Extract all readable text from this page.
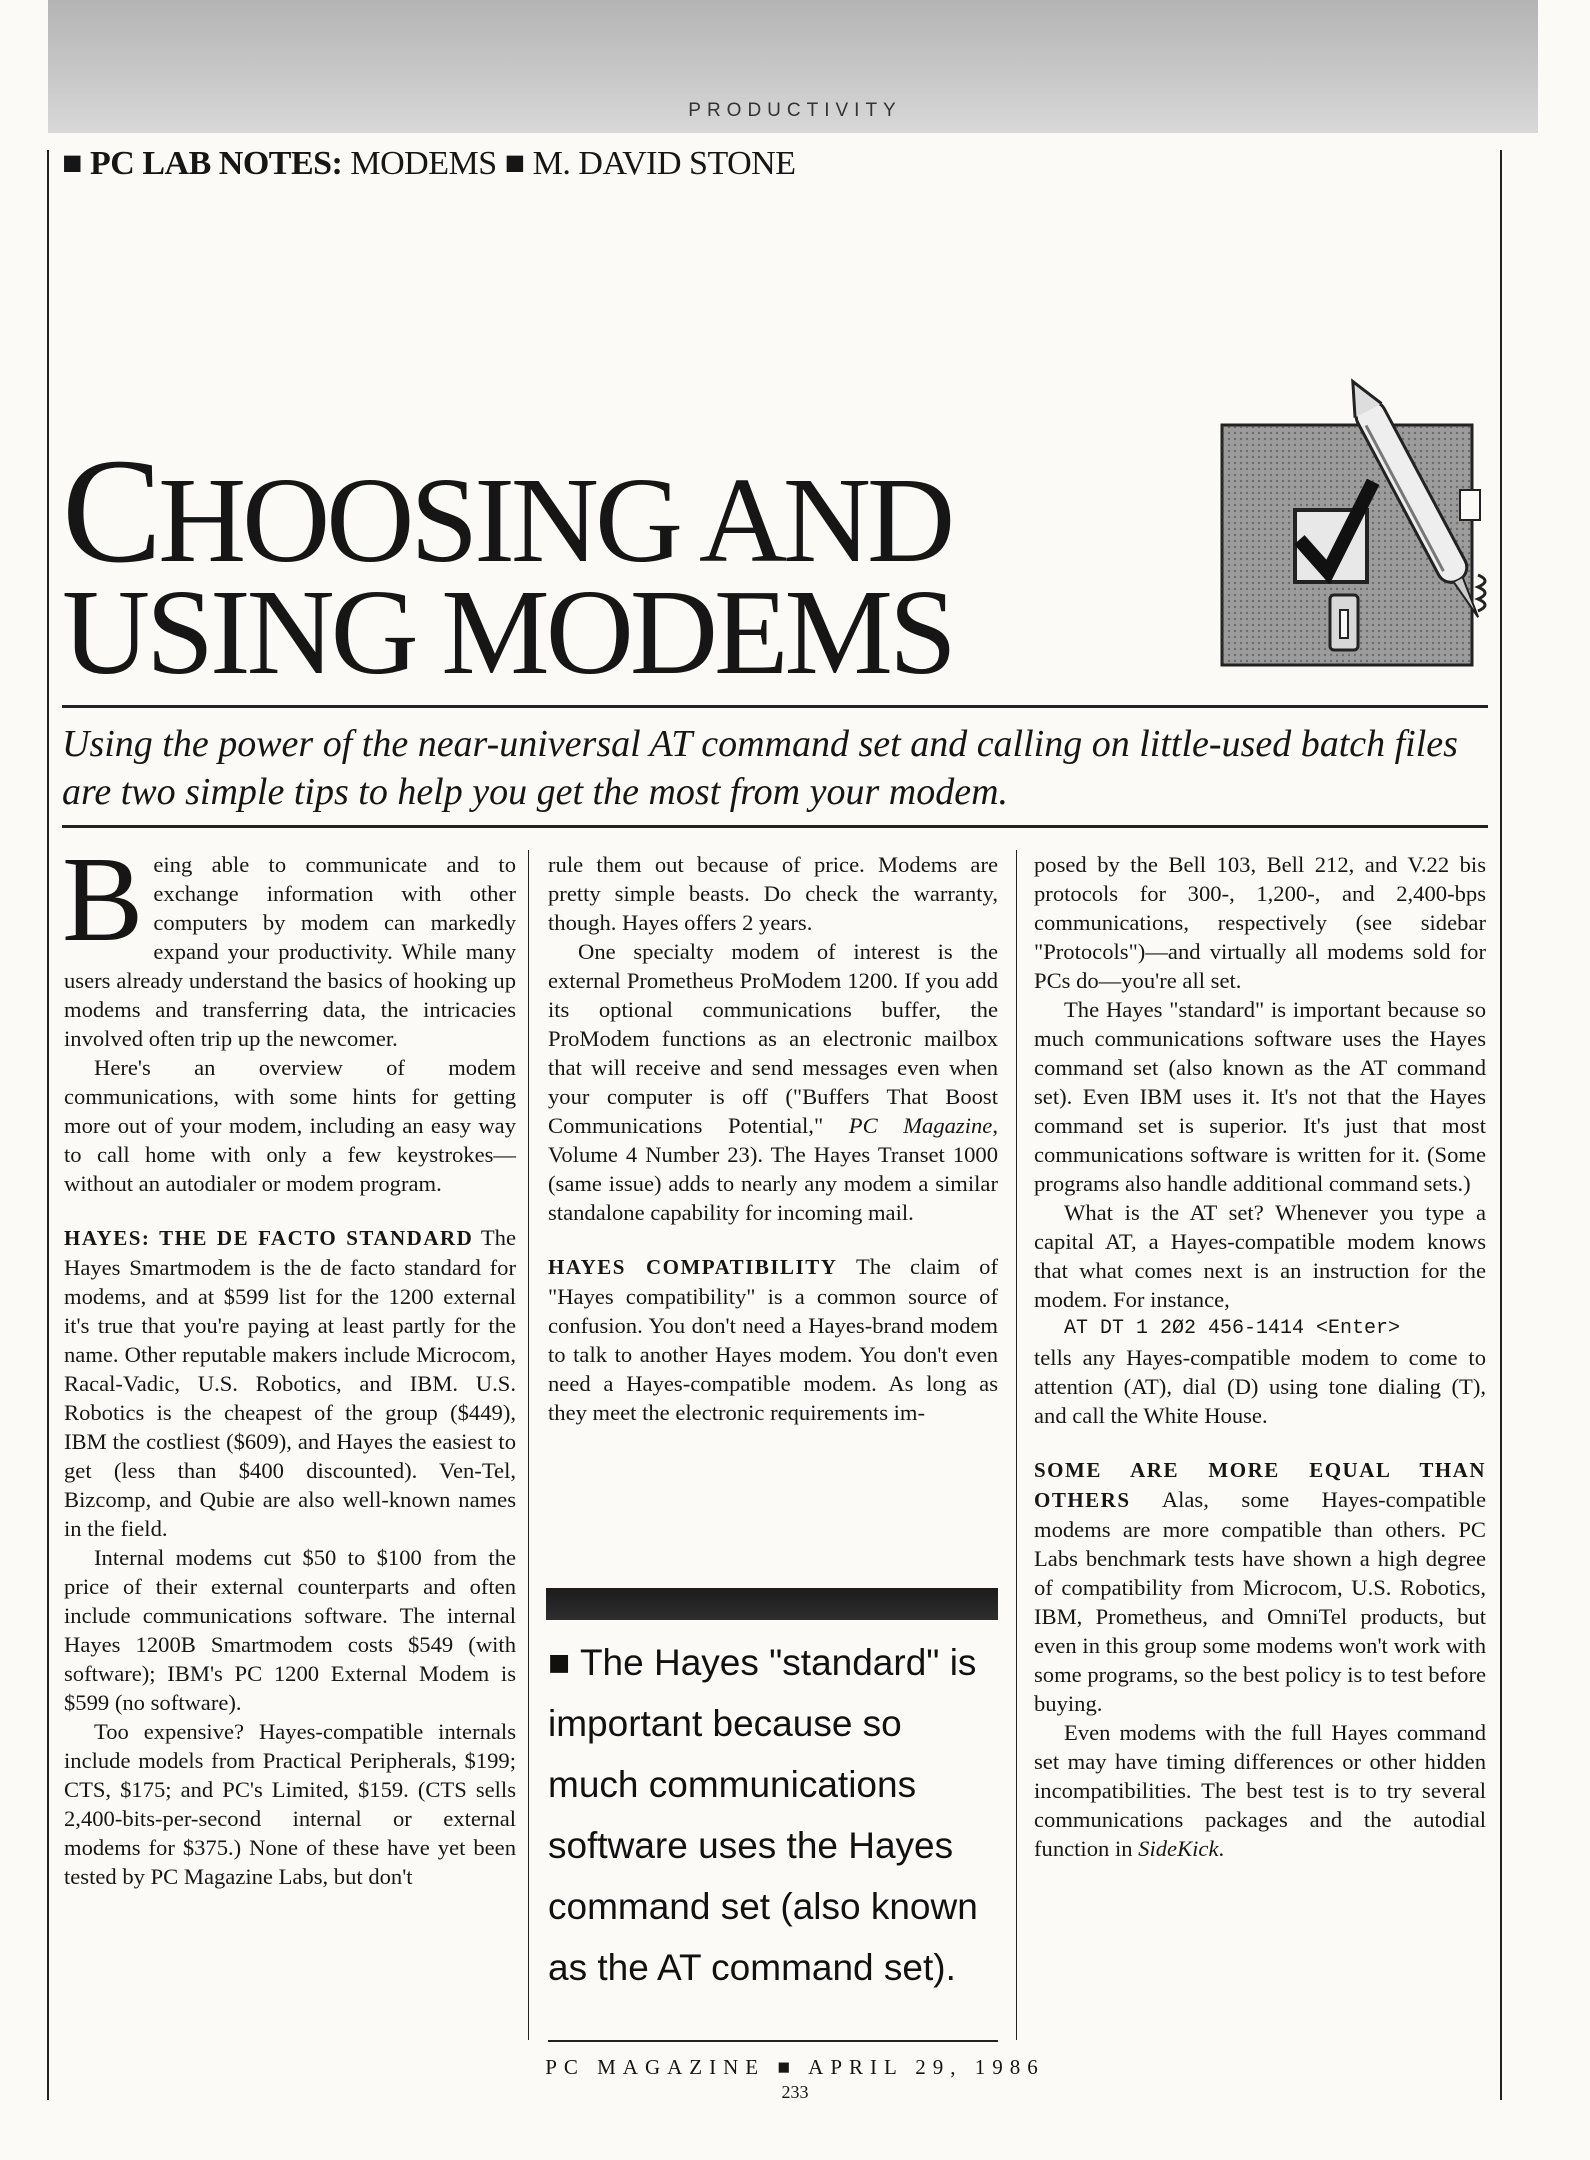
PRODUCTIVITY
■ PC LAB NOTES: MODEMS ■ M. DAVID STONE
CHOOSING AND
USING MODEMS
Using the power of the near-universal AT command set and calling on little-used batch files are two simple tips to help you get the most from your modem.

Being able to communicate and to exchange information with other computers by modem can markedly expand your productivity. While many users already understand the basics of hooking up modems and transferring data, the intricacies involved often trip up the newcomer.

Here's an overview of modem communications, with some hints for getting more out of your modem, including an easy way to call home with only a few keystrokes—without an autodialer or modem program.

HAYES: THE DE FACTO STANDARD The Hayes Smartmodem is the de facto standard for modems, and at $599 list for the 1200 external it's true that you're paying at least partly for the name. Other reputable makers include Microcom, Racal-Vadic, U.S. Robotics, and IBM. U.S. Robotics is the cheapest of the group ($449), IBM the costliest ($609), and Hayes the easiest to get (less than $400 discounted). Ven-Tel, Bizcomp, and Qubie are also well-known names in the field.

Internal modems cut $50 to $100 from the price of their external counterparts and often include communications software. The internal Hayes 1200B Smartmodem costs $549 (with software); IBM's PC 1200 External Modem is $599 (no software).

Too expensive? Hayes-compatible internals include models from Practical Peripherals, $199; CTS, $175; and PC's Limited, $159. (CTS sells 2,400-bits-per-second internal or external modems for $375.) None of these have yet been tested by PC Magazine Labs, but don't

rule them out because of price. Modems are pretty simple beasts. Do check the warranty, though. Hayes offers 2 years.

One specialty modem of interest is the external Prometheus ProModem 1200. If you add its optional communications buffer, the ProModem functions as an electronic mailbox that will receive and send messages even when your computer is off ("Buffers That Boost Communications Potential," PC Magazine, Volume 4 Number 23). The Hayes Transet 1000 (same issue) adds to nearly any modem a similar standalone capability for incoming mail.

HAYES COMPATIBILITY The claim of "Hayes compatibility" is a common source of confusion. You don't need a Hayes-brand modem to talk to another Hayes modem. You don't even need a Hayes-compatible modem. As long as they meet the electronic requirements im-

■ The Hayes "standard" is important because so much communications software uses the Hayes command set (also known as the AT command set).

posed by the Bell 103, Bell 212, and V.22 bis protocols for 300-, 1,200-, and 2,400-bps communications, respectively (see sidebar "Protocols")—and virtually all modems sold for PCs do—you're all set.

The Hayes "standard" is important because so much communications software uses the Hayes command set (also known as the AT command set). Even IBM uses it. It's not that the Hayes command set is superior. It's just that most communications software is written for it. (Some programs also handle additional command sets.)

What is the AT set? Whenever you type a capital AT, a Hayes-compatible modem knows that what comes next is an instruction for the modem. For instance,

AT DT 1 2Ø2 456-1414 <Enter>

tells any Hayes-compatible modem to come to attention (AT), dial (D) using tone dialing (T), and call the White House.

SOME ARE MORE EQUAL THAN OTHERS Alas, some Hayes-compatible modems are more compatible than others. PC Labs benchmark tests have shown a high degree of compatibility from Microcom, U.S. Robotics, IBM, Prometheus, and OmniTel products, but even in this group some modems won't work with some programs, so the best policy is to test before buying.

Even modems with the full Hayes command set may have timing differences or other hidden incompatibilities. The best test is to try several communications packages and the autodial function in SideKick.

PC MAGAZINE ■ APRIL 29, 1986
233
